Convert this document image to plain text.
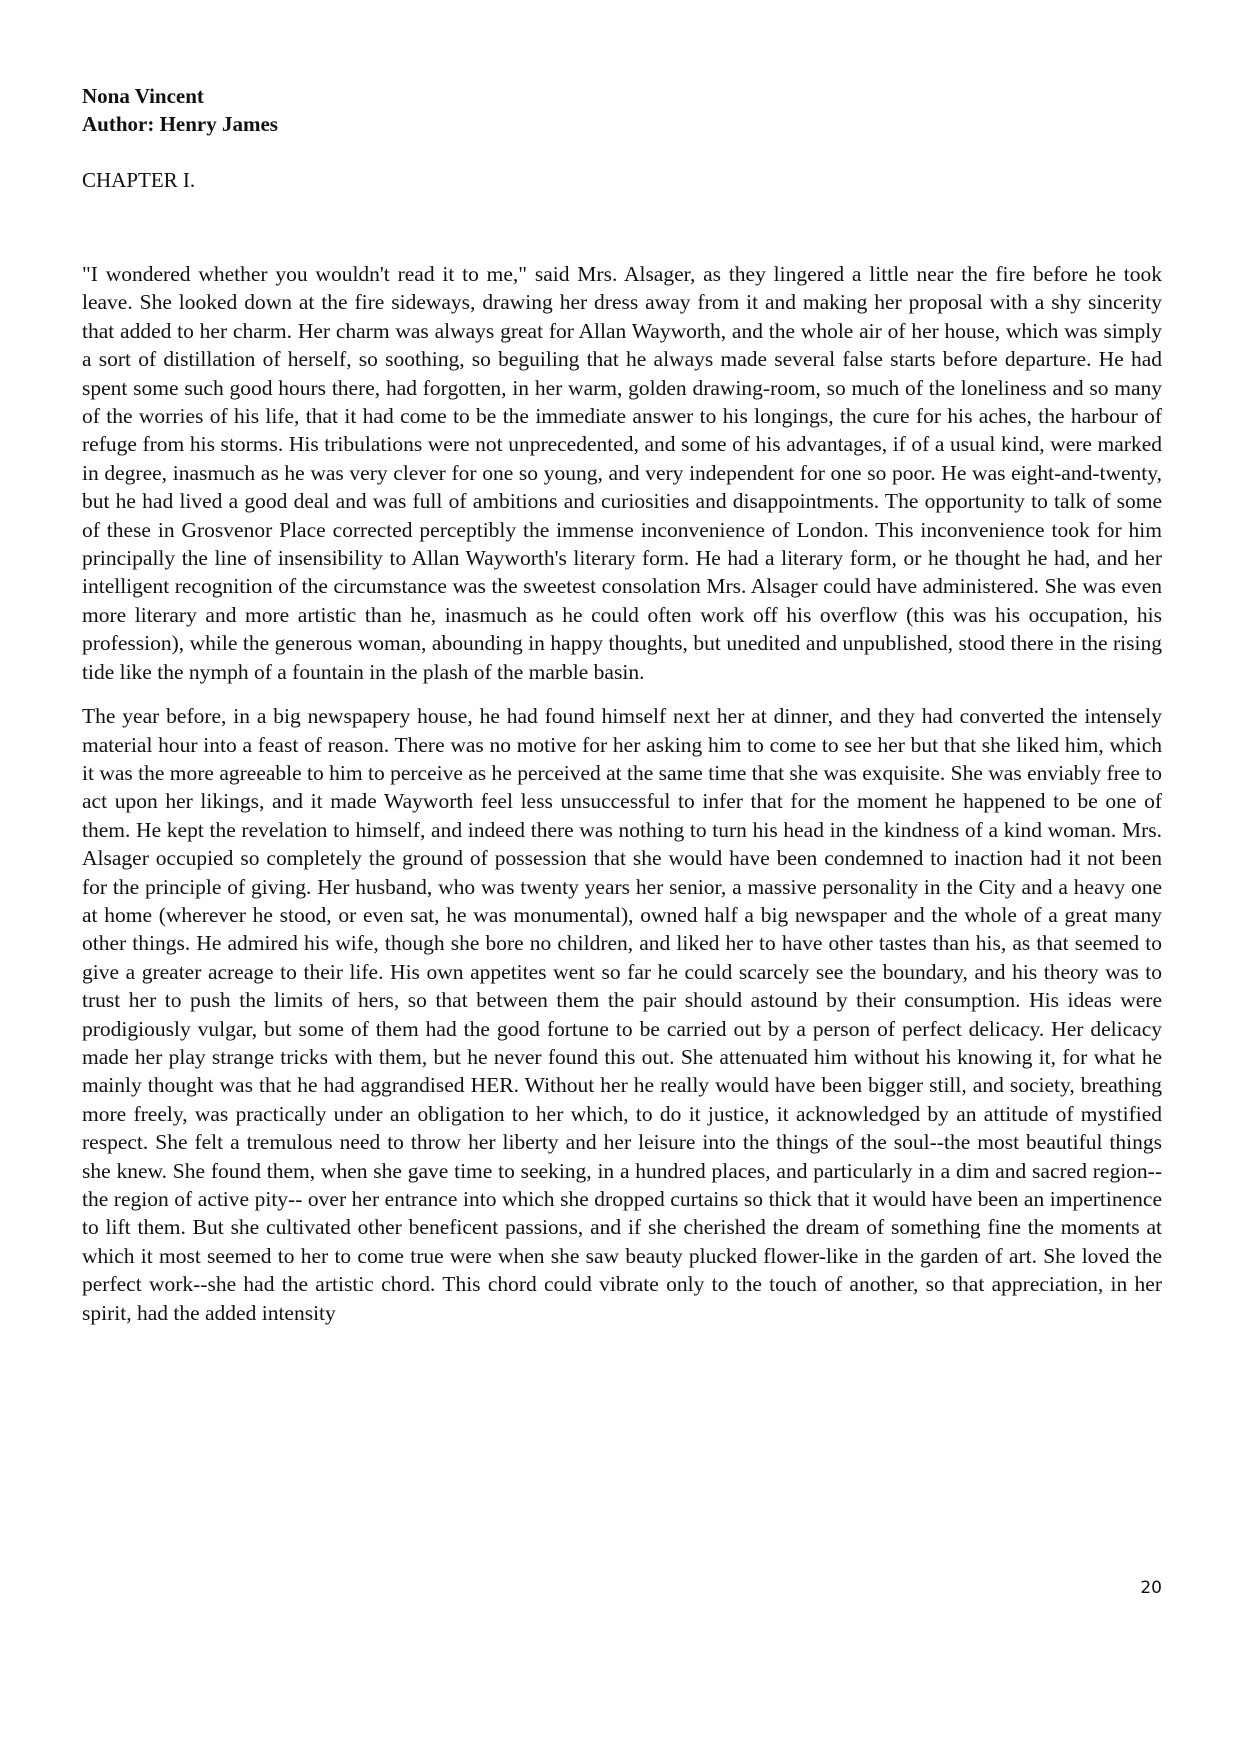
Nona Vincent
Author: Henry James
CHAPTER I.

"I wondered whether you wouldn't read it to me," said Mrs. Alsager, as they lingered a little near the fire before he took leave. She looked down at the fire sideways, drawing her dress away from it and making her proposal with a shy sincerity that added to her charm. Her charm was always great for Allan Wayworth, and the whole air of her house, which was simply a sort of distillation of herself, so soothing, so beguiling that he always made several false starts before departure. He had spent some such good hours there, had forgotten, in her warm, golden drawing-room, so much of the loneliness and so many of the worries of his life, that it had come to be the immediate answer to his longings, the cure for his aches, the harbour of refuge from his storms. His tribulations were not unprecedented, and some of his advantages, if of a usual kind, were marked in degree, inasmuch as he was very clever for one so young, and very independent for one so poor. He was eight-and-twenty, but he had lived a good deal and was full of ambitions and curiosities and disappointments. The opportunity to talk of some of these in Grosvenor Place corrected perceptibly the immense inconvenience of London. This inconvenience took for him principally the line of insensibility to Allan Wayworth's literary form. He had a literary form, or he thought he had, and her intelligent recognition of the circumstance was the sweetest consolation Mrs. Alsager could have administered. She was even more literary and more artistic than he, inasmuch as he could often work off his overflow (this was his occupation, his profession), while the generous woman, abounding in happy thoughts, but unedited and unpublished, stood there in the rising tide like the nymph of a fountain in the plash of the marble basin.

The year before, in a big newspapery house, he had found himself next her at dinner, and they had converted the intensely material hour into a feast of reason. There was no motive for her asking him to come to see her but that she liked him, which it was the more agreeable to him to perceive as he perceived at the same time that she was exquisite. She was enviably free to act upon her likings, and it made Wayworth feel less unsuccessful to infer that for the moment he happened to be one of them. He kept the revelation to himself, and indeed there was nothing to turn his head in the kindness of a kind woman. Mrs. Alsager occupied so completely the ground of possession that she would have been condemned to inaction had it not been for the principle of giving. Her husband, who was twenty years her senior, a massive personality in the City and a heavy one at home (wherever he stood, or even sat, he was monumental), owned half a big newspaper and the whole of a great many other things. He admired his wife, though she bore no children, and liked her to have other tastes than his, as that seemed to give a greater acreage to their life. His own appetites went so far he could scarcely see the boundary, and his theory was to trust her to push the limits of hers, so that between them the pair should astound by their consumption. His ideas were prodigiously vulgar, but some of them had the good fortune to be carried out by a person of perfect delicacy. Her delicacy made her play strange tricks with them, but he never found this out. She attenuated him without his knowing it, for what he mainly thought was that he had aggrandised HER. Without her he really would have been bigger still, and society, breathing more freely, was practically under an obligation to her which, to do it justice, it acknowledged by an attitude of mystified respect. She felt a tremulous need to throw her liberty and her leisure into the things of the soul--the most beautiful things she knew. She found them, when she gave time to seeking, in a hundred places, and particularly in a dim and sacred region--the region of active pity-- over her entrance into which she dropped curtains so thick that it would have been an impertinence to lift them. But she cultivated other beneficent passions, and if she cherished the dream of something fine the moments at which it most seemed to her to come true were when she saw beauty plucked flower-like in the garden of art. She loved the perfect work--she had the artistic chord. This chord could vibrate only to the touch of another, so that appreciation, in her spirit, had the added intensity

20
